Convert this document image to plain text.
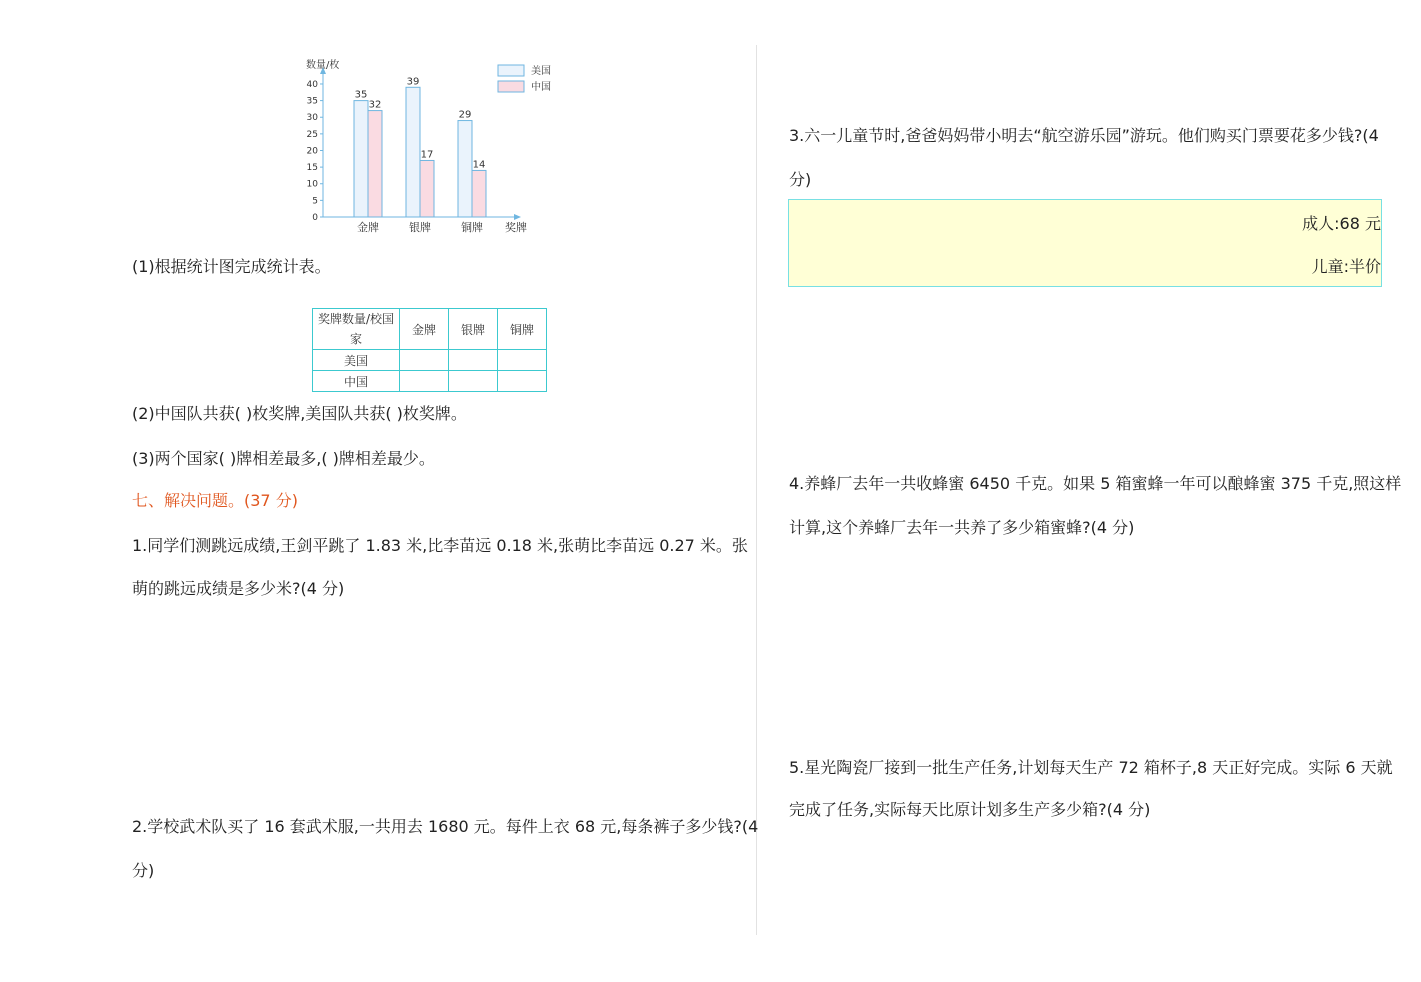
0
5
10
15
20
25
30
35
40
35
32
金牌
39
17
银牌
29
14
铜牌
美国
中国
数量/枚
奖牌
(1)根据统计图完成统计表。
奖牌数量/校国
家	金牌	银牌	铜牌
美国			
中国			
(2)中国队共获( )枚奖牌,美国队共获( )枚奖牌。
(3)两个国家( )牌相差最多,( )牌相差最少。
七、解决问题。(37 分)
1.同学们测跳远成绩,王剑平跳了 1.83 米,比李苗远 0.18 米,张萌比李苗远 0.27 米。张
萌的跳远成绩是多少米?(4 分)
2.学校武术队买了 16 套武术服,一共用去 1680 元。每件上衣 68 元,每条裤子多少钱?(4
分)
3.六一儿童节时,爸爸妈妈带小明去“航空游乐园”游玩。他们购买门票要花多少钱?(4
分)
成人:68 元
儿童:半价
4.养蜂厂去年一共收蜂蜜 6450 千克。如果 5 箱蜜蜂一年可以酿蜂蜜 375 千克,照这样
计算,这个养蜂厂去年一共养了多少箱蜜蜂?(4 分)
5.星光陶瓷厂接到一批生产任务,计划每天生产 72 箱杯子,8 天正好完成。实际 6 天就
完成了任务,实际每天比原计划多生产多少箱?(4 分)
